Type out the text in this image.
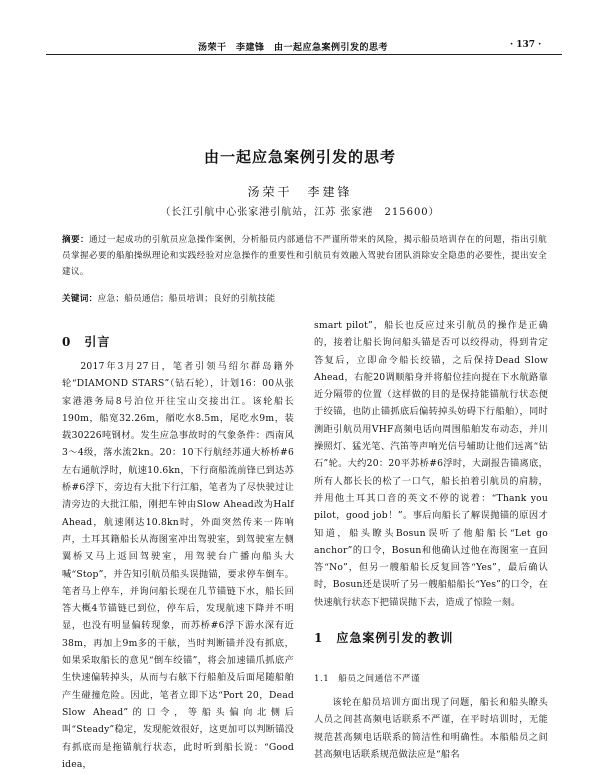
汤荣干　李建锋　由一起应急案例引发的思考	· 137 ·
由一起应急案例引发的思考
汤荣干　李建锋
（长江引航中心张家港引航站，江苏 张家港　215600）
摘要：通过一起成功的引航员应急操作案例，分析船员内部通信不严谨所带来的风险，揭示船员培训存在的问题，指出引航员掌握必要的船舶操纵理论和实践经验对应急操作的重要性和引航员有效融入驾驶台团队消除安全隐患的必要性，提出安全建议。
关键词：应急；船员通信；船员培训；良好的引航技能
0　引言

2017年3月27日，笔者引领马绍尔群岛籍外轮“DIAMOND STARS”（钻石轮），计划16：00从张家港港务局8号泊位开往宝山交接出江。该轮船长190m，船宽32.26m，艏吃水8.5m，尾吃水9m，装载30226吨钢材。发生应急事故时的气象条件：西南风3～4级，落水流2kn。20：10下行航经苏通大桥桥#6左右通航浮时，航速10.6kn，下行商船流前锋已到达苏桥#6浮下，旁边有大批下行江船，笔者为了尽快驶过让清旁边的大批江船，刚把车钟由Slow Ahead改为Half Ahead，航速刚达10.8kn时，外面突然传来一阵响声，土耳其籍船长从海图室冲出驾驶室，到驾驶室左侧翼桥又马上返回驾驶室，用驾驶台广播向船头大喊“Stop”，并告知引航员船头误抛锚，要求停车倒车。笔者马上停车，并询问船长现在几节锚链下水，船长回答大概4节锚链已到位，停车后，发现航速下降并不明显，也没有明显偏转现象，而苏桥#6浮下游水深有近38m，再加上9m多的干舷，当时判断锚并没有抓底，如果采取船长的意见“倒车绞锚”，将会加速锚爪抓底产生快速偏转掉头，从而与右舷下行船舶及后面尾随船舶产生碰撞危险。因此，笔者立即下达“Port 20，Dead Slow Ahead”的口令，等船头偏向北侧后叫“Steady”稳定，发现舵效很好，这更加可以判断锚没有抓底而是拖锚航行状态，此时听到船长说：“Good idea，

smart pilot”，船长也反应过来引航员的操作是正确的，接着让船长询问船头锚是否可以绞得动，得到肯定答复后，立即命令船长绞锚，之后保持Dead Slow Ahead，右舵20调顺船身并将船位挂向提在下水航路靠近分隔带的位置（这样做的目的是保持能锚航行状态便于绞锚，也防止锚抓底后偏转掉头妨碍下行船舶），同时测距引航员用VHF高频电话向周围船舶发布动态，并川操照灯、猛光笔、汽笛等声响光信号辅助让他们远离“钻石”轮。大约20：20平苏桥#6浮时，大副报告锚离底，所有人都长长的松了一口气，船长拍着引航员的肩膀，并用他土耳其口音的英文不停的说着：“Thank you pilot，good job！”。事后向船长了解误抛锚的原因才知道，船头瞭头Bosun误听了他船船长“Let go anchor”的口令，Bosun和他确认过他在海图室一直回答“No”，但另一艘船船长反复回答“Yes”，最后确认时，Bosun还是误听了另一艘船船船长“Yes”的口令，在快速航行状态下把锚误抛下去，造成了惊险一刻。

1　应急案例引发的教训
1.1　船员之间通信不严谨

该轮在船员培训方面出现了问题，船长和船头瞭头人员之间甚高频电话联系不严谨，在平时培训时，无能规范甚高频电话联系的简洁性和明确性。本船船员之间甚高频电话联系规范做法应是“船名
